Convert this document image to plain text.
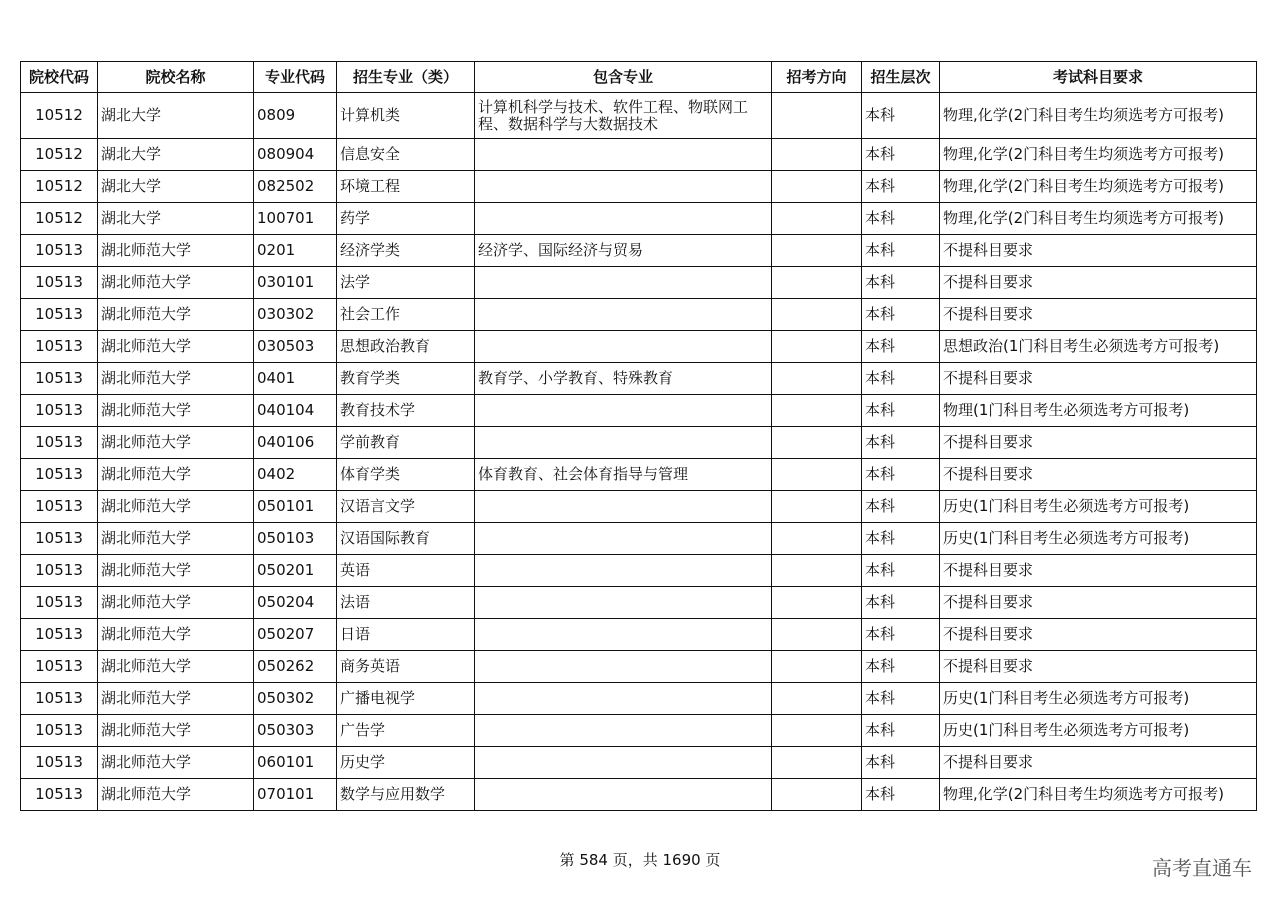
院校代码	院校名称	专业代码	招生专业（类）	包含专业	招考方向	招生层次	考试科目要求
10512	湖北大学	0809	计算机类	计算机科学与技术、软件工程、物联网工程、数据科学与大数据技术		本科	物理,化学(2门科目考生均须选考方可报考)
10512	湖北大学	080904	信息安全			本科	物理,化学(2门科目考生均须选考方可报考)
10512	湖北大学	082502	环境工程			本科	物理,化学(2门科目考生均须选考方可报考)
10512	湖北大学	100701	药学			本科	物理,化学(2门科目考生均须选考方可报考)
10513	湖北师范大学	0201	经济学类	经济学、国际经济与贸易		本科	不提科目要求
10513	湖北师范大学	030101	法学			本科	不提科目要求
10513	湖北师范大学	030302	社会工作			本科	不提科目要求
10513	湖北师范大学	030503	思想政治教育			本科	思想政治(1门科目考生必须选考方可报考)
10513	湖北师范大学	0401	教育学类	教育学、小学教育、特殊教育		本科	不提科目要求
10513	湖北师范大学	040104	教育技术学			本科	物理(1门科目考生必须选考方可报考)
10513	湖北师范大学	040106	学前教育			本科	不提科目要求
10513	湖北师范大学	0402	体育学类	体育教育、社会体育指导与管理		本科	不提科目要求
10513	湖北师范大学	050101	汉语言文学			本科	历史(1门科目考生必须选考方可报考)
10513	湖北师范大学	050103	汉语国际教育			本科	历史(1门科目考生必须选考方可报考)
10513	湖北师范大学	050201	英语			本科	不提科目要求
10513	湖北师范大学	050204	法语			本科	不提科目要求
10513	湖北师范大学	050207	日语			本科	不提科目要求
10513	湖北师范大学	050262	商务英语			本科	不提科目要求
10513	湖北师范大学	050302	广播电视学			本科	历史(1门科目考生必须选考方可报考)
10513	湖北师范大学	050303	广告学			本科	历史(1门科目考生必须选考方可报考)
10513	湖北师范大学	060101	历史学			本科	不提科目要求
10513	湖北师范大学	070101	数学与应用数学			本科	物理,化学(2门科目考生均须选考方可报考)
第 584 页，共 1690 页	高考直通车
